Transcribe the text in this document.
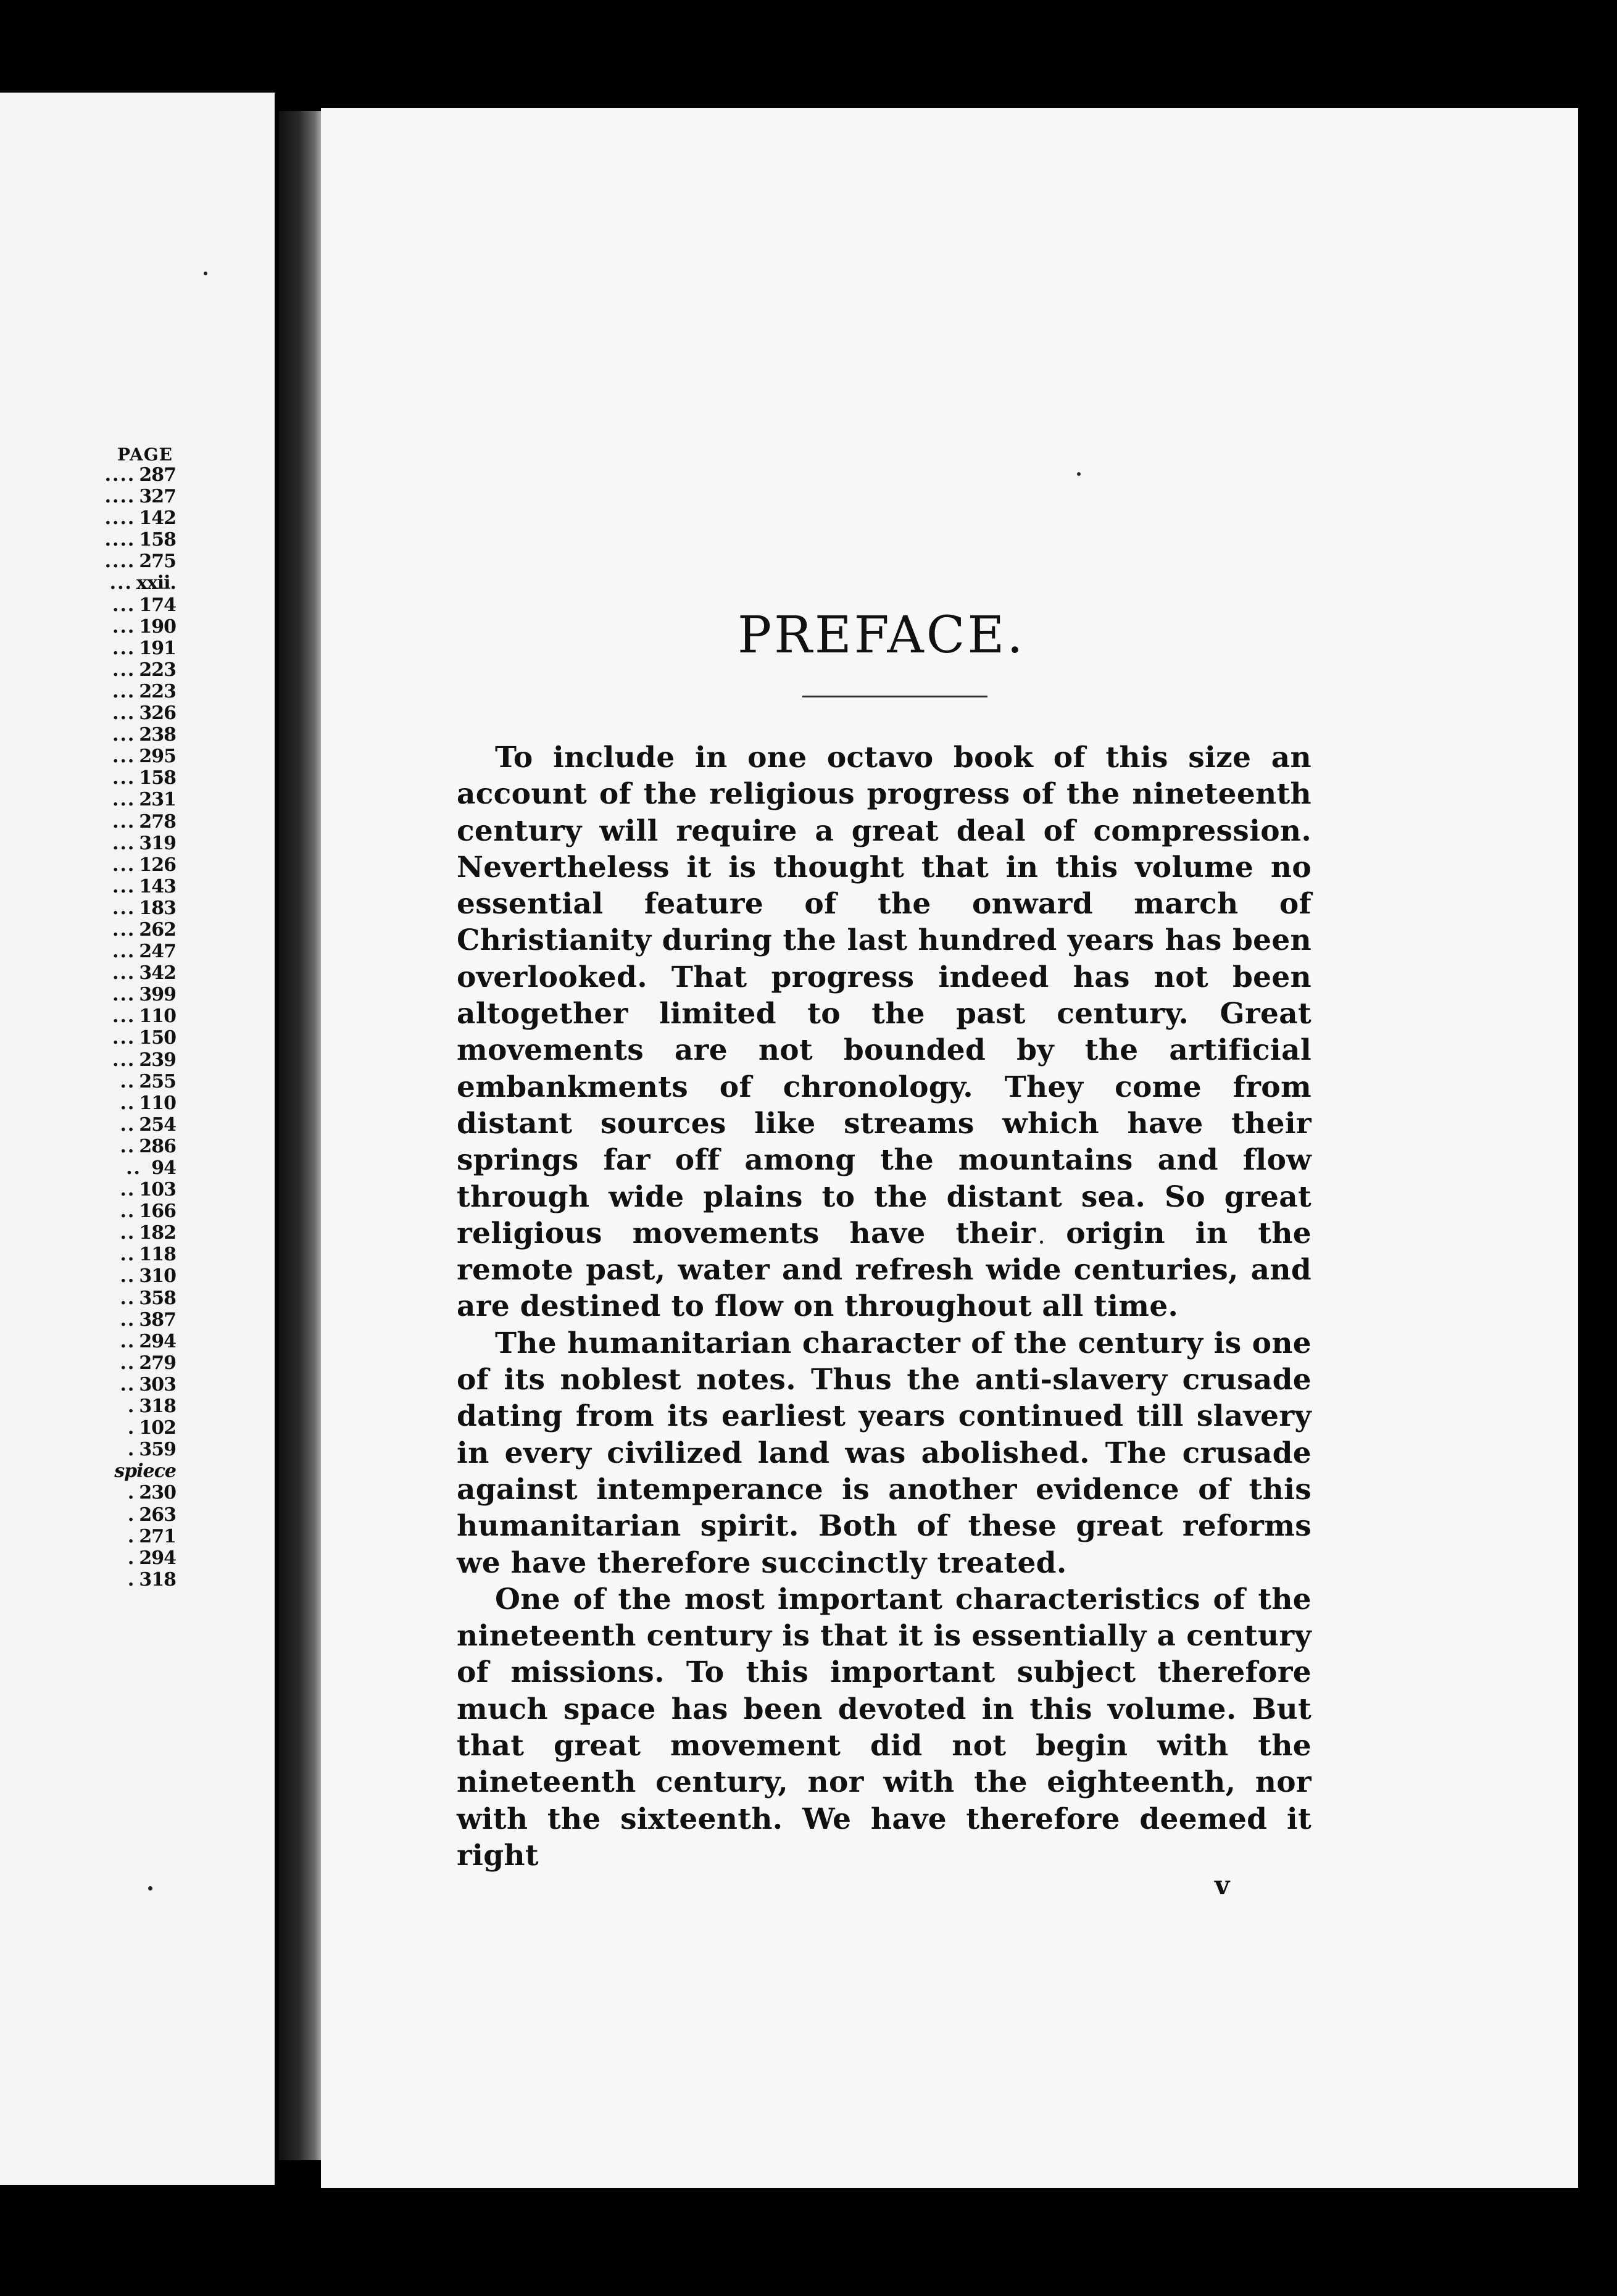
PAGE
.... 287
.... 327
.... 142
.... 158
.... 275
... xxii.
... 174
... 190
... 191
... 223
... 223
... 326
... 238
... 295
... 158
... 231
... 278
... 319
... 126
... 143
... 183
... 262
... 247
... 342
... 399
... 110
... 150
... 239
.. 255
.. 110
.. 254
.. 286
.. 94
.. 103
.. 166
.. 182
.. 118
.. 310
.. 358
.. 387
.. 294
.. 279
.. 303
. 318
. 102
. 359
spiece
. 230
. 263
. 271
. 294
. 318
PREFACE.

To include in one octavo book of this size an account of the religious progress of the nineteenth century will require a great deal of compression. Nevertheless it is thought that in this volume no essential feature of the onward march of Christianity during the last hundred years has been overlooked. That progress indeed has not been altogether limited to the past century. Great movements are not bounded by the artificial embankments of chronology. They come from distant sources like streams which have their springs far off among the mountains and flow through wide plains to the distant sea. So great religious movements have their origin in the remote past, water and refresh wide centuries, and are destined to flow on throughout all time.

The humanitarian character of the century is one of its noblest notes. Thus the anti-slavery crusade dating from its earliest years continued till slavery in every civilized land was abolished. The crusade against intemperance is another evidence of this humanitarian spirit. Both of these great reforms we have therefore succinctly treated.

One of the most important characteristics of the nineteenth century is that it is essentially a century of missions. To this important subject therefore much space has been devoted in this volume. But that great movement did not begin with the nineteenth century, nor with the eighteenth, nor with the sixteenth. We have therefore deemed it right

v
